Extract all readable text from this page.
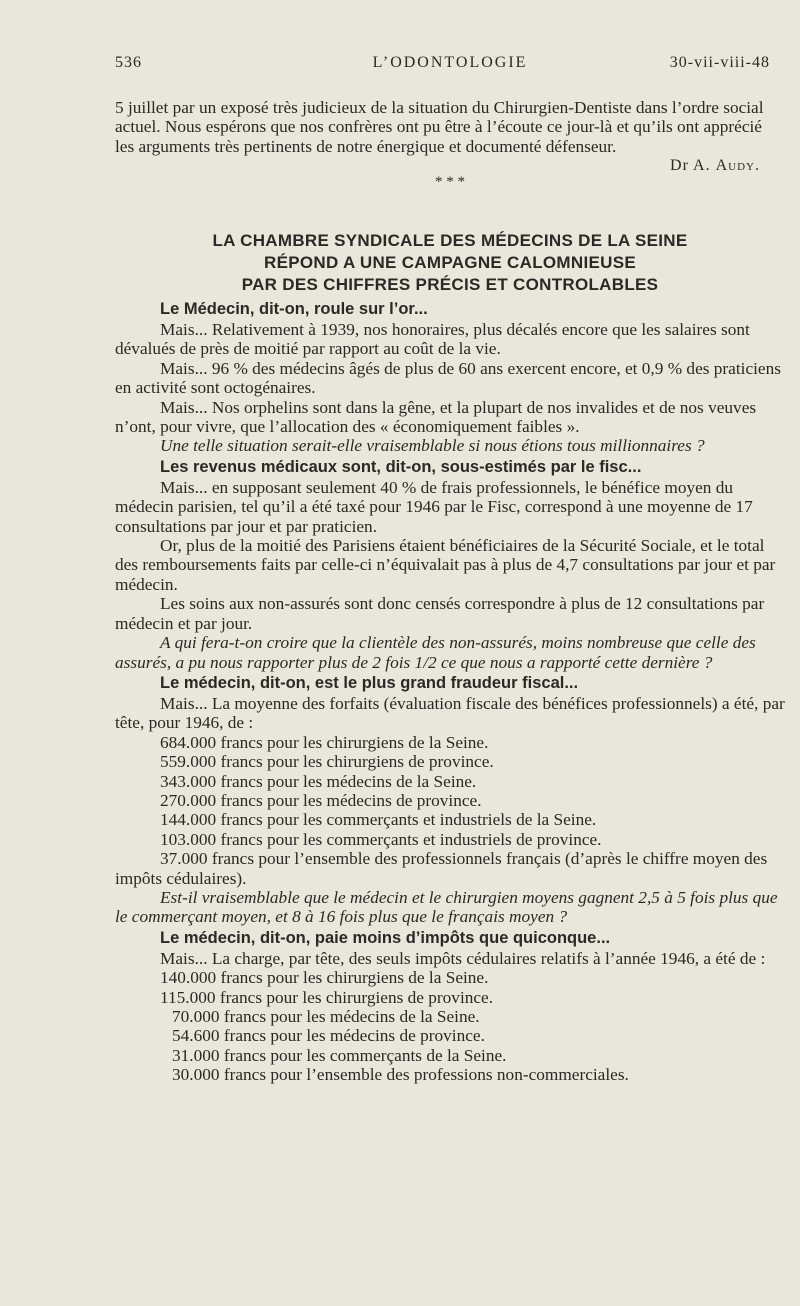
536	L’ODONTOLOGIE	30-vii-viii-48

5 juillet par un exposé très judicieux de la situation du Chirurgien-Dentiste dans l’ordre social actuel. Nous espérons que nos confrères ont pu être à l’écoute ce jour-là et qu’ils ont apprécié les arguments très pertinents de notre énergique et documenté défenseur.

Dr A. Audy.

* * *

LA CHAMBRE SYNDICALE DES MÉDECINS DE LA SEINE
RÉPOND A UNE CAMPAGNE CALOMNIEUSE
PAR DES CHIFFRES PRÉCIS ET CONTROLABLES

Le Médecin, dit-on, roule sur l’or...

Mais... Relativement à 1939, nos honoraires, plus décalés encore que les salaires sont dévalués de près de moitié par rapport au coût de la vie.

Mais... 96 % des médecins âgés de plus de 60 ans exercent encore, et 0,9 % des praticiens en activité sont octogénaires.

Mais... Nos orphelins sont dans la gêne, et la plupart de nos invalides et de nos veuves n’ont, pour vivre, que l’allocation des « économiquement faibles ».

Une telle situation serait-elle vraisemblable si nous étions tous millionnaires ?

Les revenus médicaux sont, dit-on, sous-estimés par le fisc...

Mais... en supposant seulement 40 % de frais professionnels, le bénéfice moyen du médecin parisien, tel qu’il a été taxé pour 1946 par le Fisc, correspond à une moyenne de 17 consultations par jour et par praticien.

Or, plus de la moitié des Parisiens étaient bénéficiaires de la Sécurité Sociale, et le total des remboursements faits par celle-ci n’équivalait pas à plus de 4,7 consultations par jour et par médecin.

Les soins aux non-assurés sont donc censés correspondre à plus de 12 consultations par médecin et par jour.

A qui fera-t-on croire que la clientèle des non-assurés, moins nombreuse que celle des assurés, a pu nous rapporter plus de 2 fois 1/2 ce que nous a rapporté cette dernière ?

Le médecin, dit-on, est le plus grand fraudeur fiscal...

Mais... La moyenne des forfaits (évaluation fiscale des bénéfices professionnels) a été, par tête, pour 1946, de :

684.000 francs pour les chirurgiens de la Seine.

559.000 francs pour les chirurgiens de province.

343.000 francs pour les médecins de la Seine.

270.000 francs pour les médecins de province.

144.000 francs pour les commerçants et industriels de la Seine.

103.000 francs pour les commerçants et industriels de province.

37.000 francs pour l’ensemble des professionnels français (d’après le chiffre moyen des impôts cédulaires).

Est-il vraisemblable que le médecin et le chirurgien moyens gagnent 2,5 à 5 fois plus que le commerçant moyen, et 8 à 16 fois plus que le français moyen ?

Le médecin, dit-on, paie moins d’impôts que quiconque...

Mais... La charge, par tête, des seuls impôts cédulaires relatifs à l’année 1946, a été de :

140.000 francs pour les chirurgiens de la Seine.

115.000 francs pour les chirurgiens de province.

70.000 francs pour les médecins de la Seine.

54.600 francs pour les médecins de province.

31.000 francs pour les commerçants de la Seine.

30.000 francs pour l’ensemble des professions non-commerciales.
